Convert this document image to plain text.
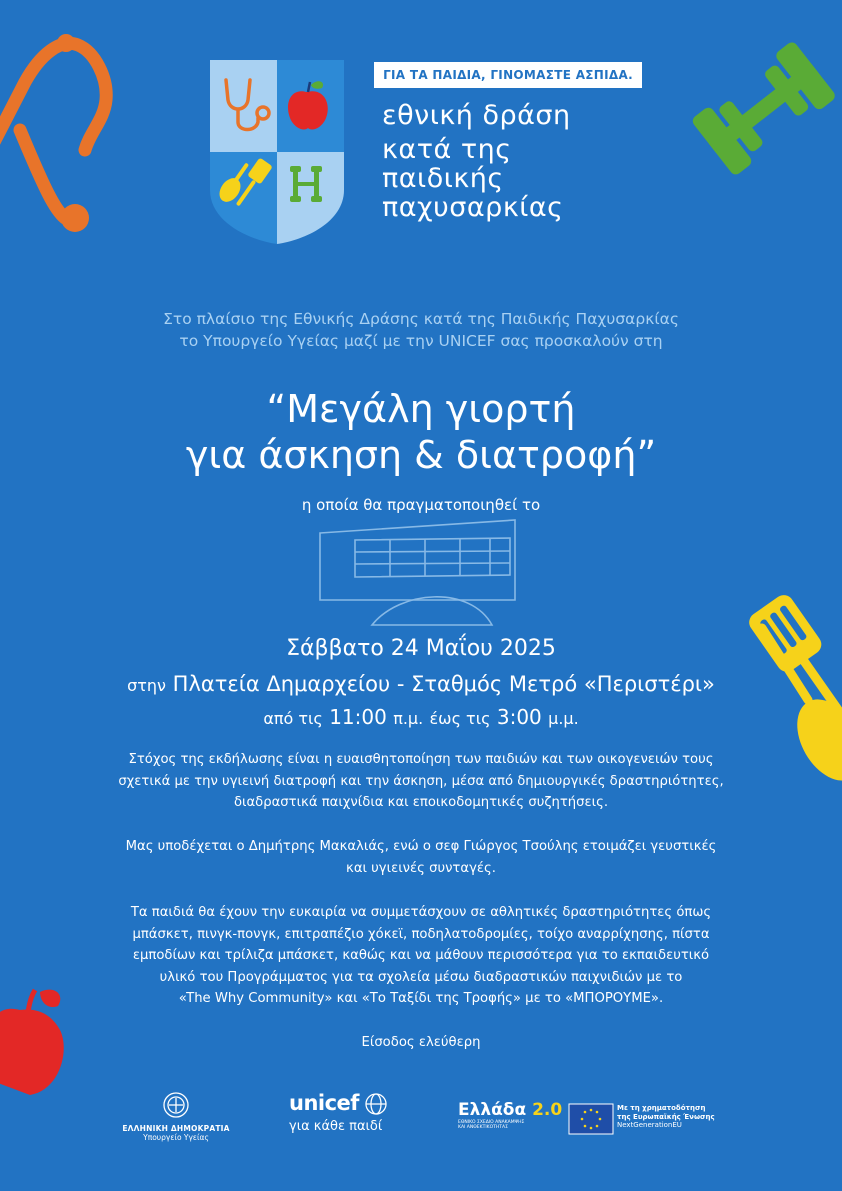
ΓΙΑ ΤΑ ΠΑΙΔΙΑ, ΓΙΝΟΜΑΣΤΕ ΑΣΠΙΔΑ.
εθνική δράση
κατά της
παιδικής
παχυσαρκίας
Στο πλαίσιο της Εθνικής Δράσης κατά της Παιδικής Παχυσαρκίας
το Υπουργείο Υγείας μαζί με την UNICEF σας προσκαλούν στη
“Μεγάλη γιορτή
για άσκηση & διατροφή”
η οποία θα πραγματοποιηθεί το
Σάββατο 24 Μαΐου 2025
στην Πλατεία Δημαρχείου - Σταθμός Μετρό «Περιστέρι»
από τις 11:00 π.μ. έως τις 3:00 μ.μ.
Στόχος της εκδήλωσης είναι η ευαισθητοποίηση των παιδιών και των οικογενειών τους
σχετικά με την υγιεινή διατροφή και την άσκηση, μέσα από δημιουργικές δραστηριότητες,
διαδραστικά παιχνίδια και εποικοδομητικές συζητήσεις.
Μας υποδέχεται ο Δημήτρης Μακαλιάς, ενώ ο σεφ Γιώργος Τσούλης ετοιμάζει γευστικές
και υγιεινές συνταγές.
Τα παιδιά θα έχουν την ευκαιρία να συμμετάσχουν σε αθλητικές δραστηριότητες όπως
μπάσκετ, πινγκ-πονγκ, επιτραπέζιο χόκεϊ, ποδηλατοδρομίες, τοίχο αναρρίχησης, πίστα
εμποδίων και τρίλιζα μπάσκετ, καθώς και να μάθουν περισσότερα για το εκπαιδευτικό
υλικό του Προγράμματος για τα σχολεία μέσω διαδραστικών παιχνιδιών με το
«The Why Community» και «Το Ταξίδι της Τροφής» με το «ΜΠΟΡΟΥΜΕ».
Είσοδος ελεύθερη
ΕΛΛΗΝΙΚΗ ΔΗΜΟΚΡΑΤΙΑ
Υπουργείο Υγείας
unicef
για κάθε παιδί
Ελλάδα 2.0
ΕΘΝΙΚΟ ΣΧΕΔΙΟ ΑΝΑΚΑΜΨΗΣ
ΚΑΙ ΑΝΘΕΚΤΙΚΟΤΗΤΑΣ
Με τη χρηματοδότηση
της Ευρωπαϊκής Ένωσης
NextGenerationEU
